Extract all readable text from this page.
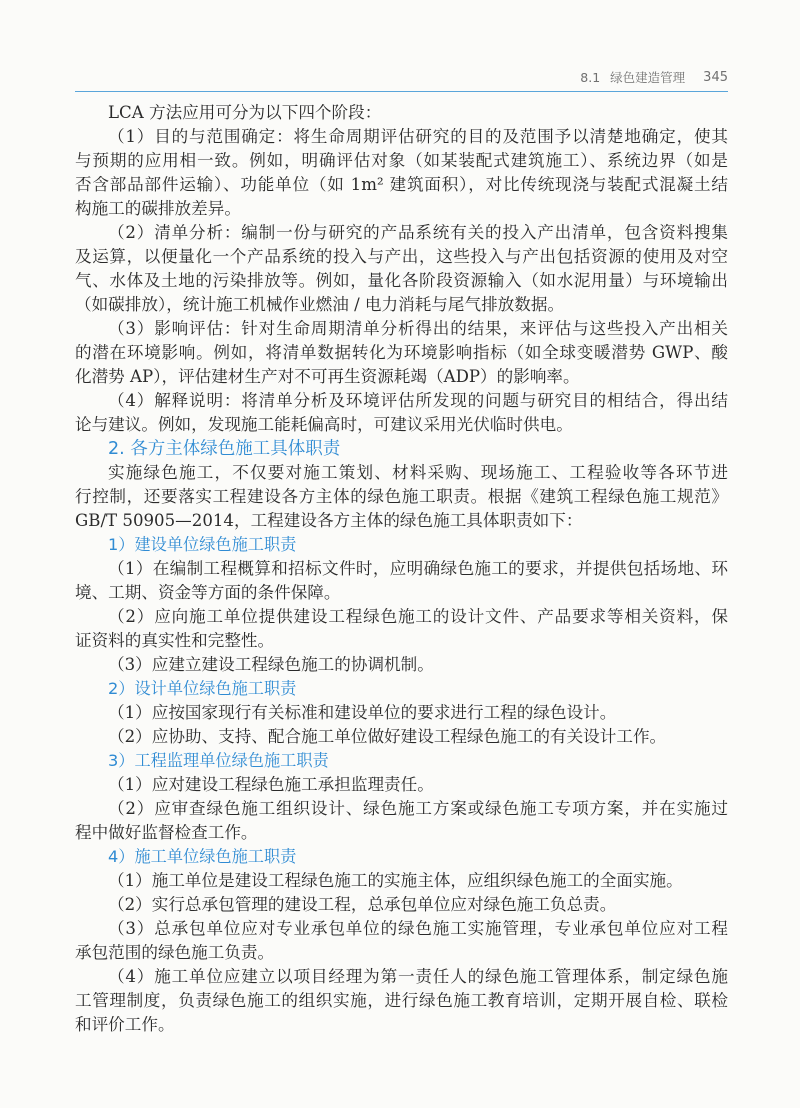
8.1 绿色建造管理 345
LCA 方法应用可分为以下四个阶段：
（1）目的与范围确定：将生命周期评估研究的目的及范围予以清楚地确定，使其
与预期的应用相一致。例如，明确评估对象（如某装配式建筑施工）、系统边界（如是
否含部品部件运输）、功能单位（如 1m² 建筑面积），对比传统现浇与装配式混凝土结
构施工的碳排放差异。
（2）清单分析：编制一份与研究的产品系统有关的投入产出清单，包含资料搜集
及运算，以便量化一个产品系统的投入与产出，这些投入与产出包括资源的使用及对空
气、水体及土地的污染排放等。例如，量化各阶段资源输入（如水泥用量）与环境输出
（如碳排放），统计施工机械作业燃油 / 电力消耗与尾气排放数据。
（3）影响评估：针对生命周期清单分析得出的结果，来评估与这些投入产出相关
的潜在环境影响。例如，将清单数据转化为环境影响指标（如全球变暖潜势 GWP、酸
化潜势 AP），评估建材生产对不可再生资源耗竭（ADP）的影响率。
（4）解释说明：将清单分析及环境评估所发现的问题与研究目的相结合，得出结
论与建议。例如，发现施工能耗偏高时，可建议采用光伏临时供电。
2. 各方主体绿色施工具体职责
实施绿色施工，不仅要对施工策划、材料采购、现场施工、工程验收等各环节进
行控制，还要落实工程建设各方主体的绿色施工职责。根据《建筑工程绿色施工规范》
GB/T 50905—2014，工程建设各方主体的绿色施工具体职责如下：
1）建设单位绿色施工职责
（1）在编制工程概算和招标文件时，应明确绿色施工的要求，并提供包括场地、环
境、工期、资金等方面的条件保障。
（2）应向施工单位提供建设工程绿色施工的设计文件、产品要求等相关资料，保
证资料的真实性和完整性。
（3）应建立建设工程绿色施工的协调机制。
2）设计单位绿色施工职责
（1）应按国家现行有关标准和建设单位的要求进行工程的绿色设计。
（2）应协助、支持、配合施工单位做好建设工程绿色施工的有关设计工作。
3）工程监理单位绿色施工职责
（1）应对建设工程绿色施工承担监理责任。
（2）应审查绿色施工组织设计、绿色施工方案或绿色施工专项方案，并在实施过
程中做好监督检查工作。
4）施工单位绿色施工职责
（1）施工单位是建设工程绿色施工的实施主体，应组织绿色施工的全面实施。
（2）实行总承包管理的建设工程，总承包单位应对绿色施工负总责。
（3）总承包单位应对专业承包单位的绿色施工实施管理，专业承包单位应对工程
承包范围的绿色施工负责。
（4）施工单位应建立以项目经理为第一责任人的绿色施工管理体系，制定绿色施
工管理制度，负责绿色施工的组织实施，进行绿色施工教育培训，定期开展自检、联检
和评价工作。
